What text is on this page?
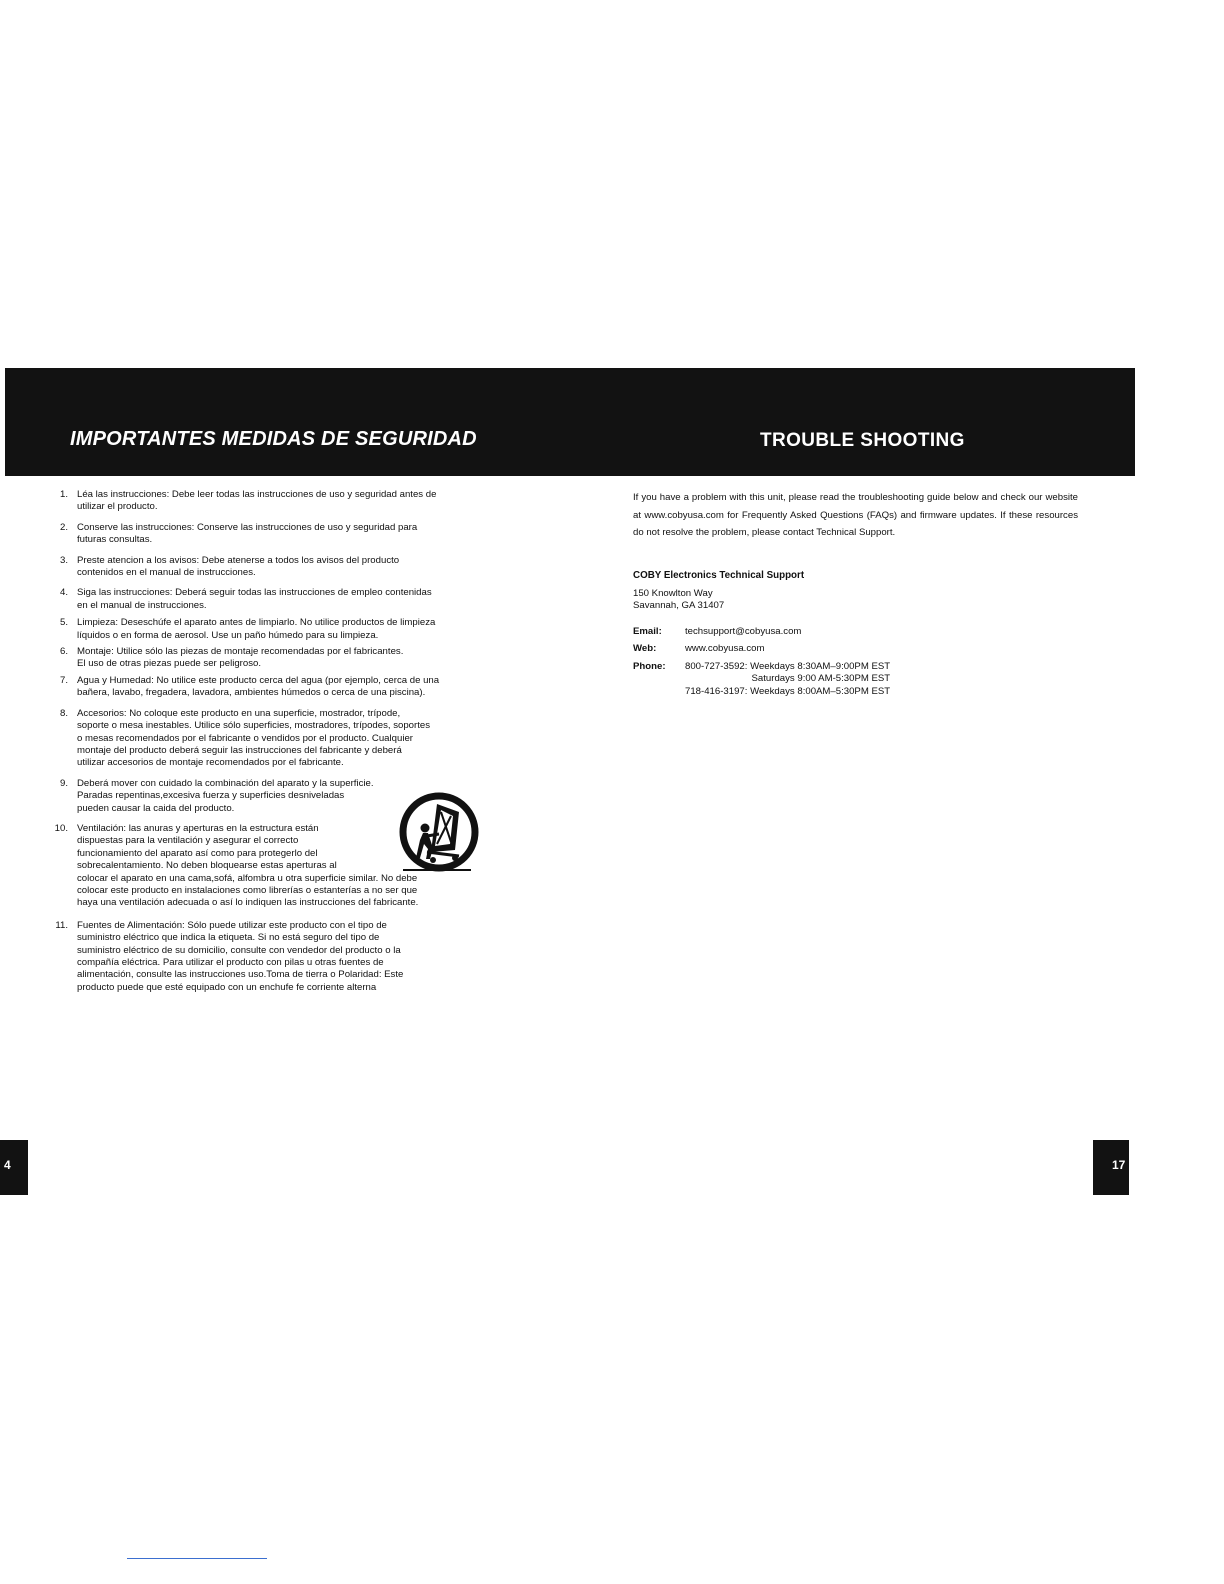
IMPORTANTES MEDIDAS DE SEGURIDAD	TROUBLE SHOOTING
1. Léa las instrucciones: Debe leer todas las instrucciones de uso y seguridad antes de
utilizar el producto.
2. Conserve las instrucciones: Conserve las instrucciones de uso y seguridad para
futuras consultas.
3. Preste atencion a los avisos: Debe atenerse a todos los avisos del producto
contenidos en el manual de instrucciones.
4. Siga las instrucciones: Deberá seguir todas las instrucciones de empleo contenidas
en el manual de instrucciones.
5. Limpieza: Deseschúfe el aparato antes de limpiarlo. No utilice productos de limpieza
líquidos o en forma de aerosol. Use un paño húmedo para su limpieza.
6. Montaje: Utilice sólo las piezas de montaje recomendadas por el fabricantes.
El uso de otras piezas puede ser peligroso.
7. Agua y Humedad: No utilice este producto cerca del agua (por ejemplo, cerca de una
bañera, lavabo, fregadera, lavadora, ambientes húmedos o cerca de una piscina).
8. Accesorios: No coloque este producto en una superficie, mostrador, trípode,
soporte o mesa inestables. Utilice sólo superficies, mostradores, trípodes, soportes
o mesas recomendados por el fabricante o vendidos por el producto. Cualquier
montaje del producto deberá seguir las instrucciones del fabricante y deberá
utilizar accesorios de montaje recomendados por el fabricante.
9. Deberá mover con cuidado la combinación del aparato y la superficie.
Paradas repentinas,excesiva fuerza y superficies desniveladas
pueden causar la caida del producto.
10. Ventilación: las anuras y aperturas en la estructura están
dispuestas para la ventilación y asegurar el correcto
funcionamiento del aparato así como para protegerlo del
sobrecalentamiento. No deben bloquearse estas aperturas al
colocar el aparato en una cama,sofá, alfombra u otra superficie similar. No debe
colocar este producto en instalaciones como librerías o estanterías a no ser que
haya una ventilación adecuada o así lo indiquen las instrucciones del fabricante.
11. Fuentes de Alimentación: Sólo puede utilizar este producto con el tipo de
suministro eléctrico que indica la etiqueta. Si no está seguro del tipo de
suministro eléctrico de su domicilio, consulte con vendedor del producto o la
compañía eléctrica. Para utilizar el producto con pilas u otras fuentes de
alimentación, consulte las instrucciones uso.Toma de tierra o Polaridad: Este
producto puede que esté equipado con un enchufe fe corriente alterna

If you have a problem with this unit, please read the troubleshooting guide below and check our website at www.cobyusa.com for Frequently Asked Questions (FAQs) and firmware updates. If these resources do not resolve the problem, please contact Technical Support.

COBY Electronics Technical Support

150 Knowlton Way
Savannah, GA 31407
Email:	techsupport@cobyusa.com
Web:	www.cobyusa.com
Phone:	800-727-3592: Weekdays 8:30AM–9:00PM EST
Saturdays 9:00 AM-5:30PM EST
718-416-3197: Weekdays 8:00AM–5:30PM EST
4	17
